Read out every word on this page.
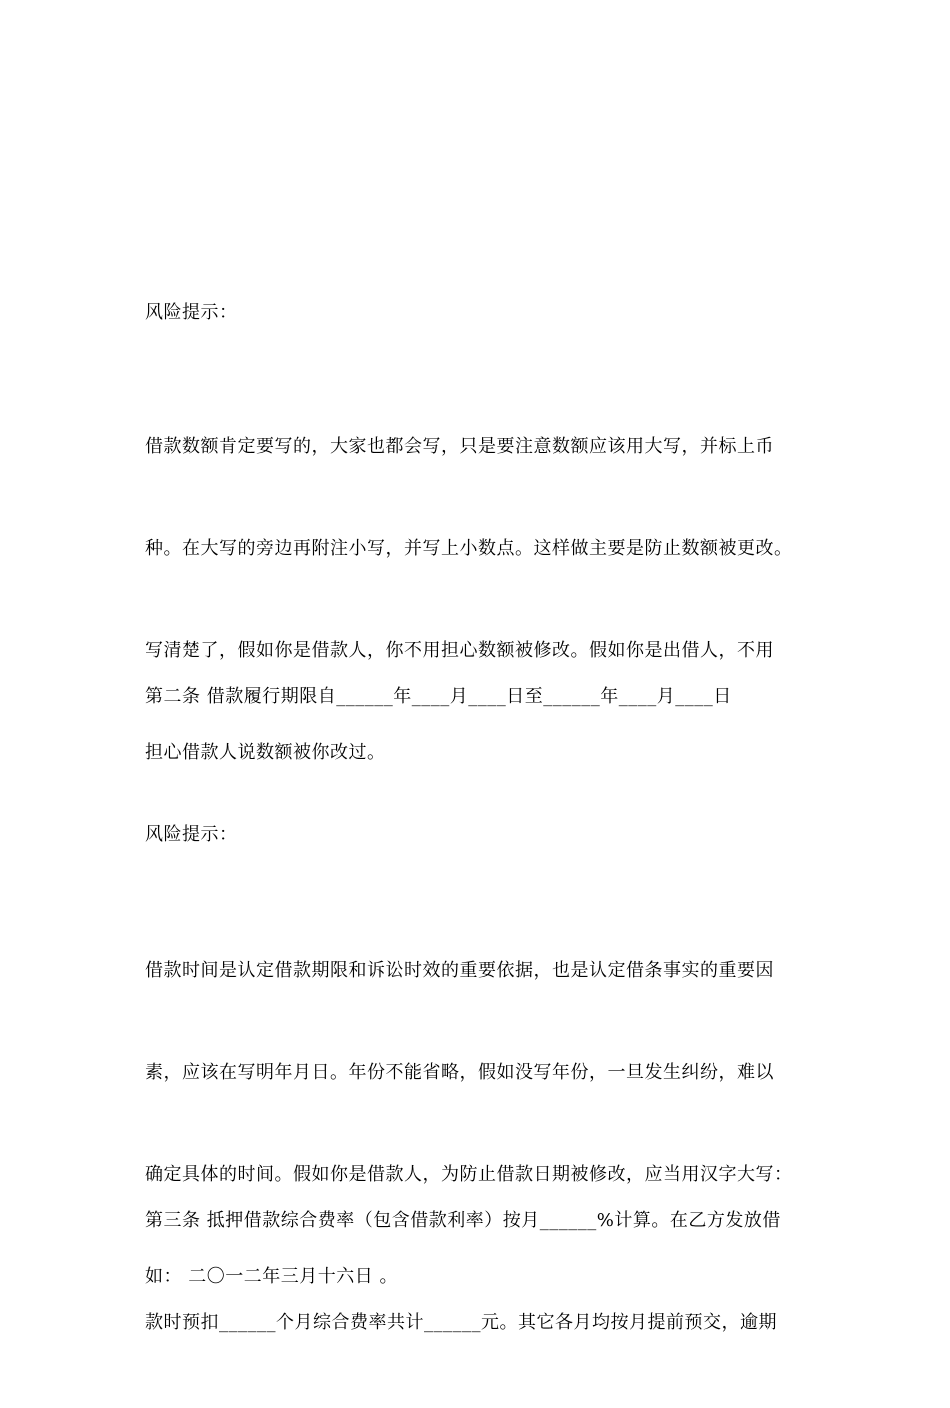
风险提示：

借款数额肯定要写的，大家也都会写，只是要注意数额应该用大写，并标上币

种。在大写的旁边再附注小写，并写上小数点。这样做主要是防止数额被更改。

写清楚了，假如你是借款人，你不用担心数额被修改。假如你是出借人，不用

担心借款人说数额被你改过。

第二条 借款履行期限自______年____月____日至______年____月____日

风险提示：

借款时间是认定借款期限和诉讼时效的重要依据，也是认定借条事实的重要因

素，应该在写明年月日。年份不能省略，假如没写年份，一旦发生纠纷，难以

确定具体的时间。假如你是借款人，为防止借款日期被修改，应当用汉字大写：

如： 二〇一二年三月十六日 。

第三条 抵押借款综合费率（包含借款利率）按月______%计算。在乙方发放借

款时预扣______个月综合费率共计______元。其它各月均按月提前预交，逾期
